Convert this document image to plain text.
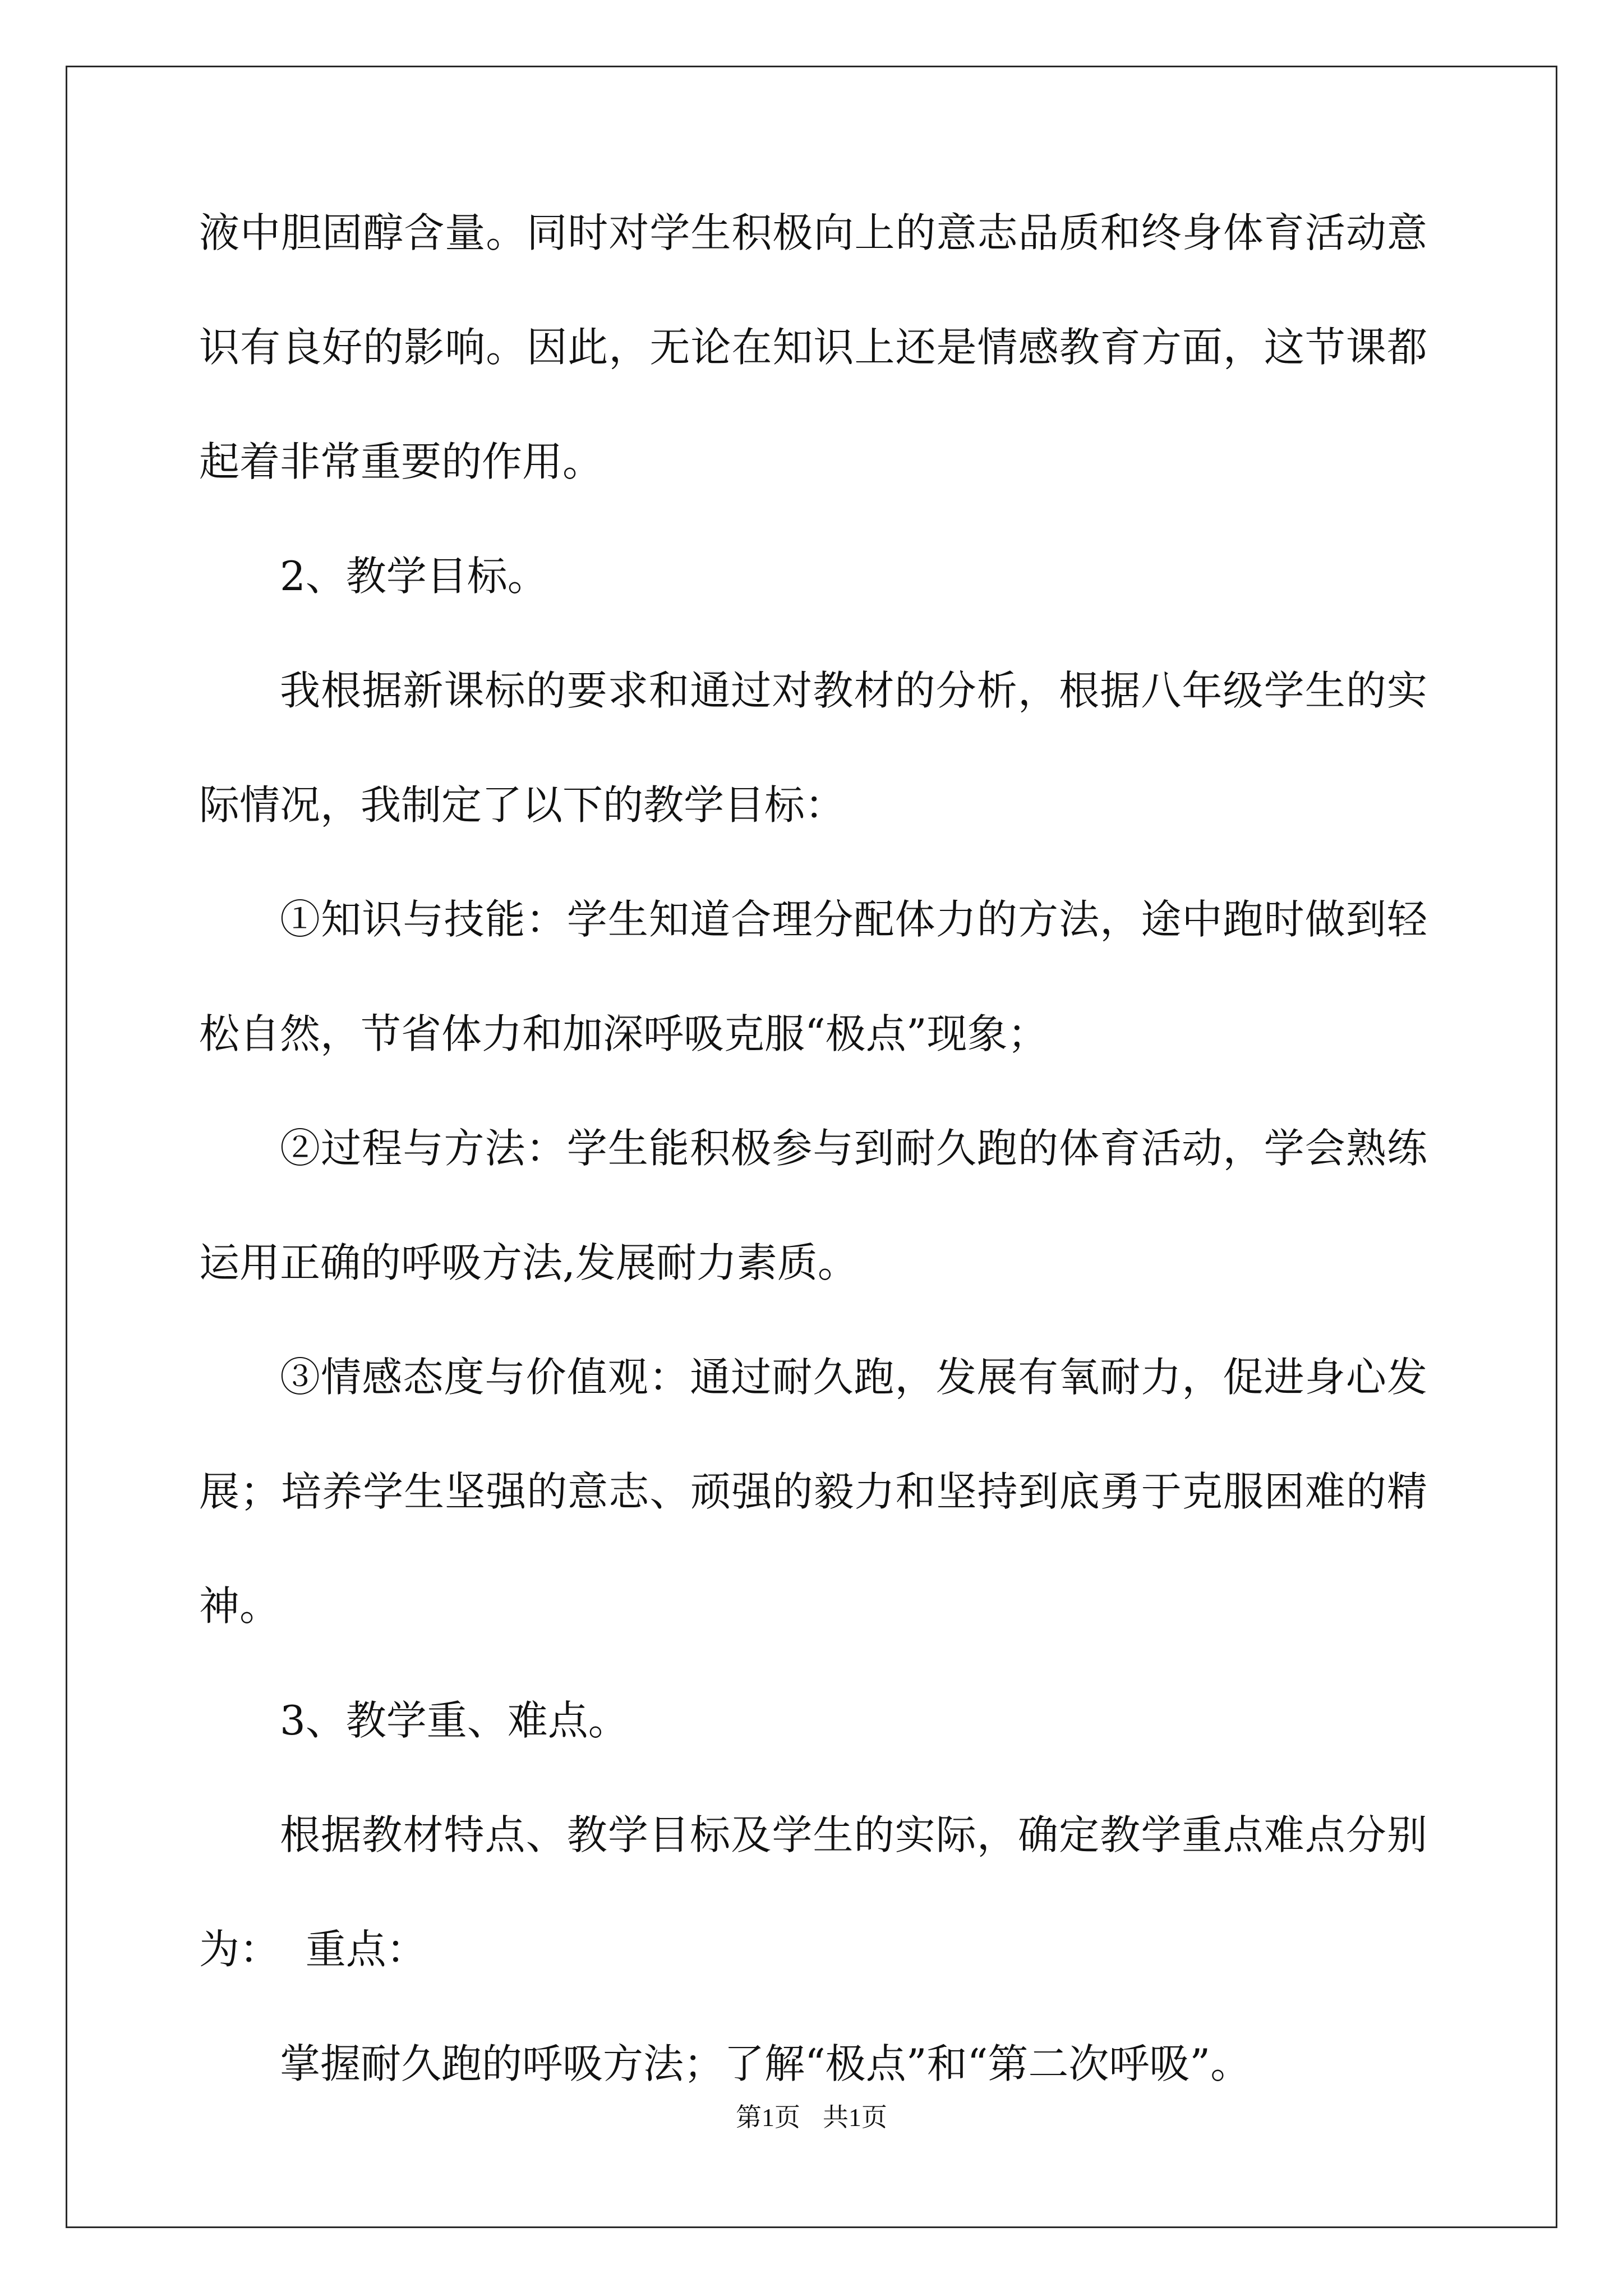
液中胆固醇含量。同时对学生积极向上的意志品质和终身体育活动意
识有良好的影响。因此，无论在知识上还是情感教育方面，这节课都
起着非常重要的作用。
2、教学目标。
我根据新课标的要求和通过对教材的分析，根据八年级学生的实
际情况，我制定了以下的教学目标：
①知识与技能：学生知道合理分配体力的方法，途中跑时做到轻
松自然，节省体力和加深呼吸克服“极点”现象；
②过程与方法：学生能积极参与到耐久跑的体育活动，学会熟练
运用正确的呼吸方法,发展耐力素质。
③情感态度与价值观：通过耐久跑，发展有氧耐力，促进身心发
展；培养学生坚强的意志、顽强的毅力和坚持到底勇于克服困难的精
神。
3、教学重、难点。
根据教材特点、教学目标及学生的实际，确定教学重点难点分别
为：  重点：
掌握耐久跑的呼吸方法；了解“极点”和“第二次呼吸”。
第1页 共1页
